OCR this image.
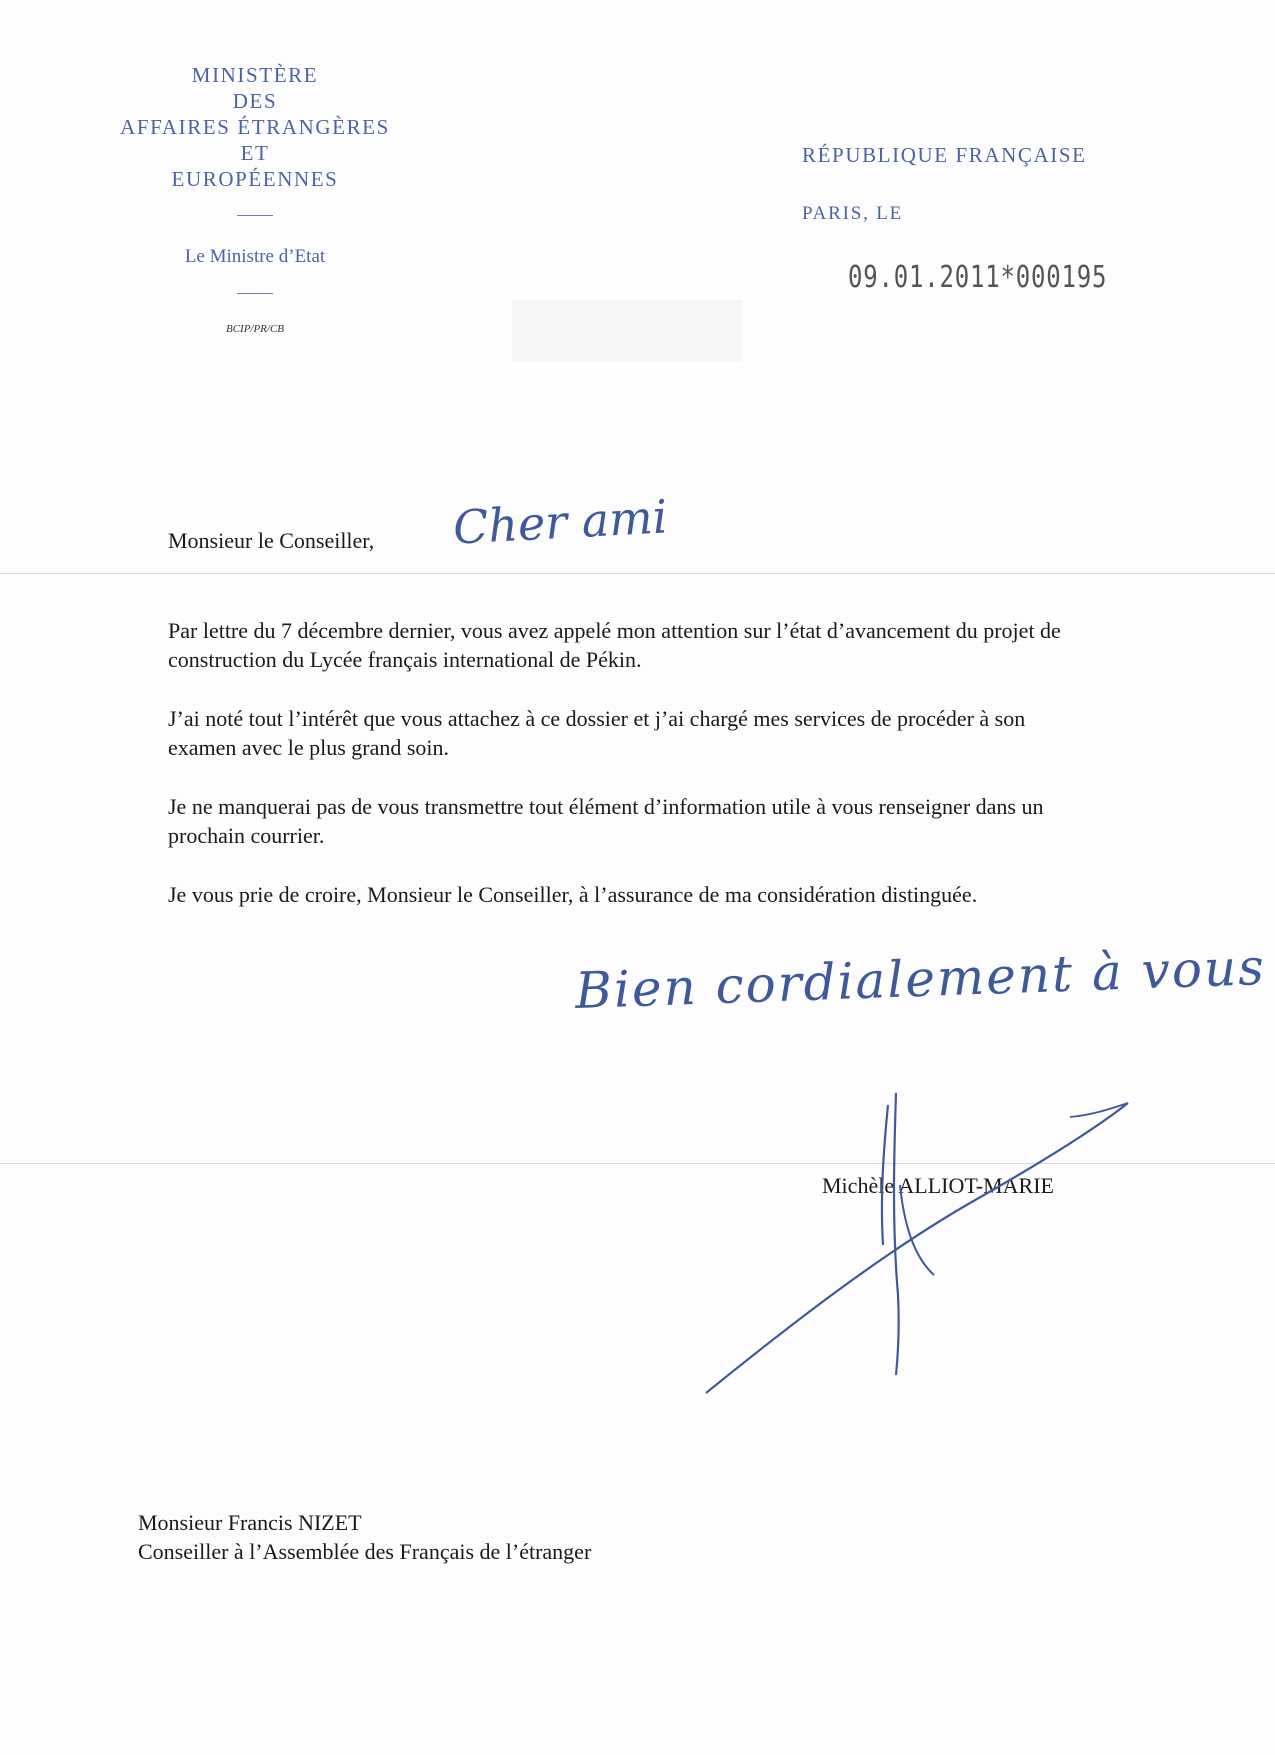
MINISTÈRE
DES
AFFAIRES ÉTRANGÈRES
ET
EUROPÉENNES
Le Ministre d’Etat
BCIP/PR/CB
RÉPUBLIQUE FRANÇAISE
PARIS, LE
09.01.2011*000195
Monsieur le Conseiller, Cher ami

Par lettre du 7 décembre dernier, vous avez appelé mon attention sur l’état d’avancement du projet de construction du Lycée français international de Pékin.

J’ai noté tout l’intérêt que vous attachez à ce dossier et j’ai chargé mes services de procéder à son examen avec le plus grand soin.

Je ne manquerai pas de vous transmettre tout élément d’information utile à vous renseigner dans un prochain courrier.

Je vous prie de croire, Monsieur le Conseiller, à l’assurance de ma considération distinguée.

Bien cordialement à vous
Michèle ALLIOT-MARIE
Monsieur Francis NIZET
Conseiller à l’Assemblée des Français de l’étranger
